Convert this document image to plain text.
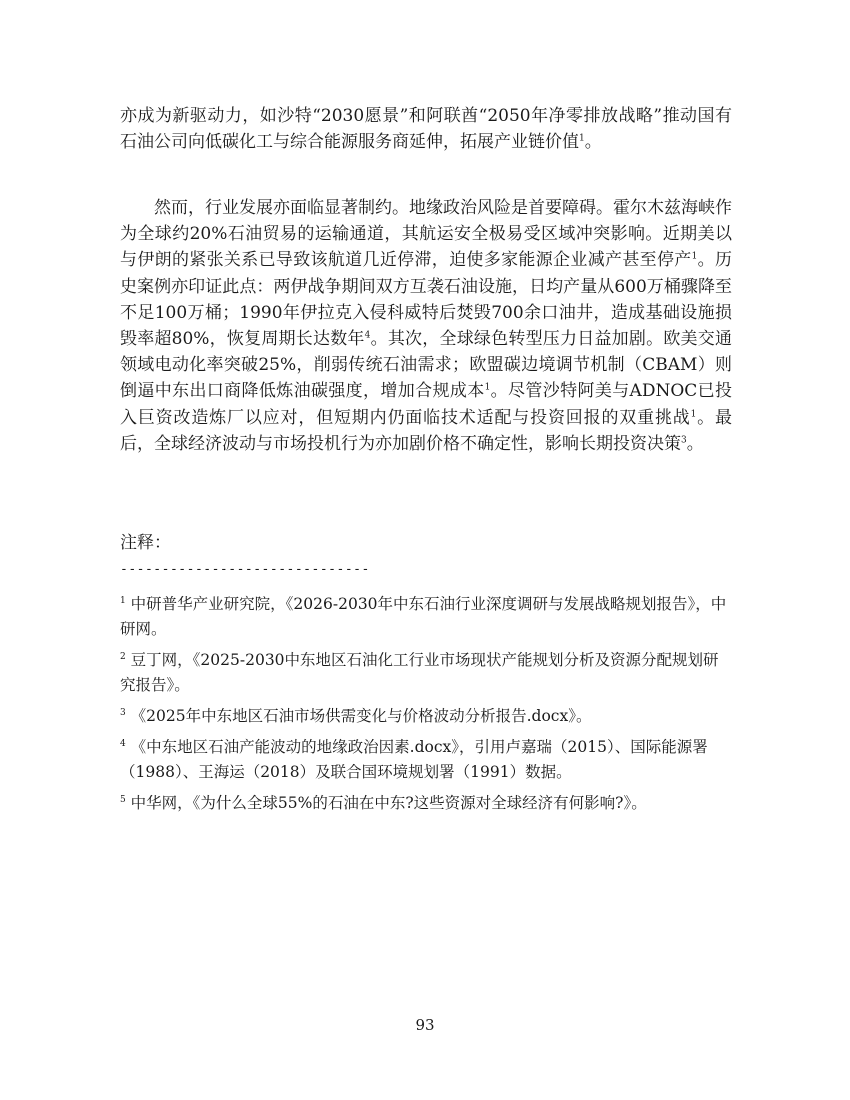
亦成为新驱动力，如沙特“2030愿景”和阿联酋“2050年净零排放战略”推动国有石油公司向低碳化工与综合能源服务商延伸，拓展产业链价值$^1$。

然而，行业发展亦面临显著制约。地缘政治风险是首要障碍。霍尔木兹海峡作为全球约20%石油贸易的运输通道，其航运安全极易受区域冲突影响。近期美以与伊朗的紧张关系已导致该航道几近停滞，迫使多家能源企业减产甚至停产$^1$。历史案例亦印证此点：两伊战争期间双方互袭石油设施，日均产量从600万桶骤降至不足100万桶；1990年伊拉克入侵科威特后焚毁700余口油井，造成基础设施损毁率超80%，恢复周期长达数年$^4$。其次，全球绿色转型压力日益加剧。欧美交通领域电动化率突破25%，削弱传统石油需求；欧盟碳边境调节机制（CBAM）则倒逼中东出口商降低炼油碳强度，增加合规成本$^1$。尽管沙特阿美与ADNOC已投入巨资改造炼厂以应对，但短期内仍面临技术适配与投资回报的双重挑战$^1$。最后，全球经济波动与市场投机行为亦加剧价格不确定性，影响长期投资决策$^3$。

注释：

------------------------------

$^1$ 中研普华产业研究院，《2026-2030年中东石油行业深度调研与发展战略规划报告》，中研网。
$^2$ 豆丁网，《2025-2030中东地区石油化工行业市场现状产能规划分析及资源分配规划研究报告》。
$^3$ 《2025年中东地区石油市场供需变化与价格波动分析报告.docx》。
$^4$ 《中东地区石油产能波动的地缘政治因素.docx》，引用卢嘉瑞（2015）、国际能源署（1988）、王海运（2018）及联合国环境规划署（1991）数据。
$^5$ 中华网，《为什么全球55%的石油在中东?这些资源对全球经济有何影响?》。

93
